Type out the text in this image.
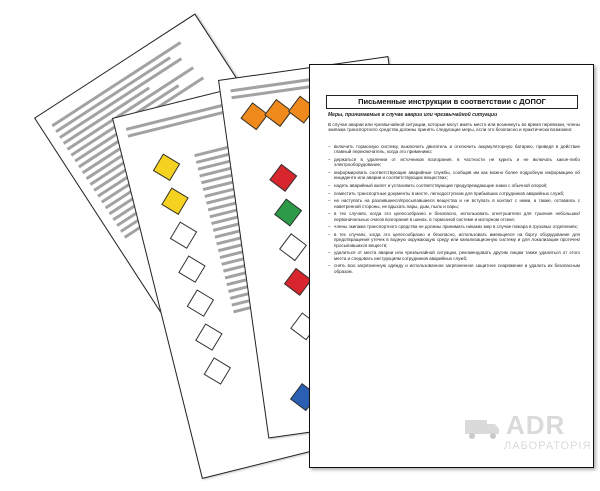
Письменные инструкции в соответствии с ДОПОГ
Меры, принимаемые в случае аварии или чрезвычайной ситуации
В случае аварии или чрезвычайной ситуации, которые могут иметь место или возникнуть во время перевозки, члены экипажа транспортного средства должны принять следующие меры, если это безопасно и практически возможно:
– включить тормозную систему, выключить двигатель и отключить аккумуляторную батарею, приведя в действие главный переключатель, когда это применимо;
– держаться в удалении от источников возгорания, в частности не курить и не включать какое-либо электрооборудование;
– информировать соответствующие аварийные службы, сообщив им как можно более подробную информацию об инциденте или аварии и соответствующих веществах;
– надеть аварийный жилет и установить соответствующие предупреждающие знаки с обычной опорой;
– поместить транспортные документы в месте, легкодоступном для прибывших сотрудников аварийных служб;
– не наступать на разлившиеся/просыпавшиеся вещества и не вступать в контакт с ними, а также, оставаясь с наветренной стороны, не вдыхать пары, дым, пыль и пары;
– в тех случаях, когда это целесообразно и безопасно, использовать огнетушители для тушения небольших/первоначальных очагов возгорания в шинах, в тормозной системе и моторном отсеке;
– члены экипажа транспортного средства не должны принимать никаких мер в случае пожара в грузовых отделениях;
– в тех случаях, когда это целесообразно и безопасно, использовать имеющееся на борту оборудование для предотвращения утечек в водную окружающую среду или канализационную систему и для локализации протечек/просыпавшихся веществ;
– удалиться от места аварии или чрезвычайной ситуации, рекомендовать другим лицам также удалиться от этого места и следовать инструкциям сотрудников аварийных служб;
– снять всю загрязненную одежду и использованное загрязненное защитное снаряжение и удалить их безопасным образом.
ADR
ЛАБОРАТОРІЯ
